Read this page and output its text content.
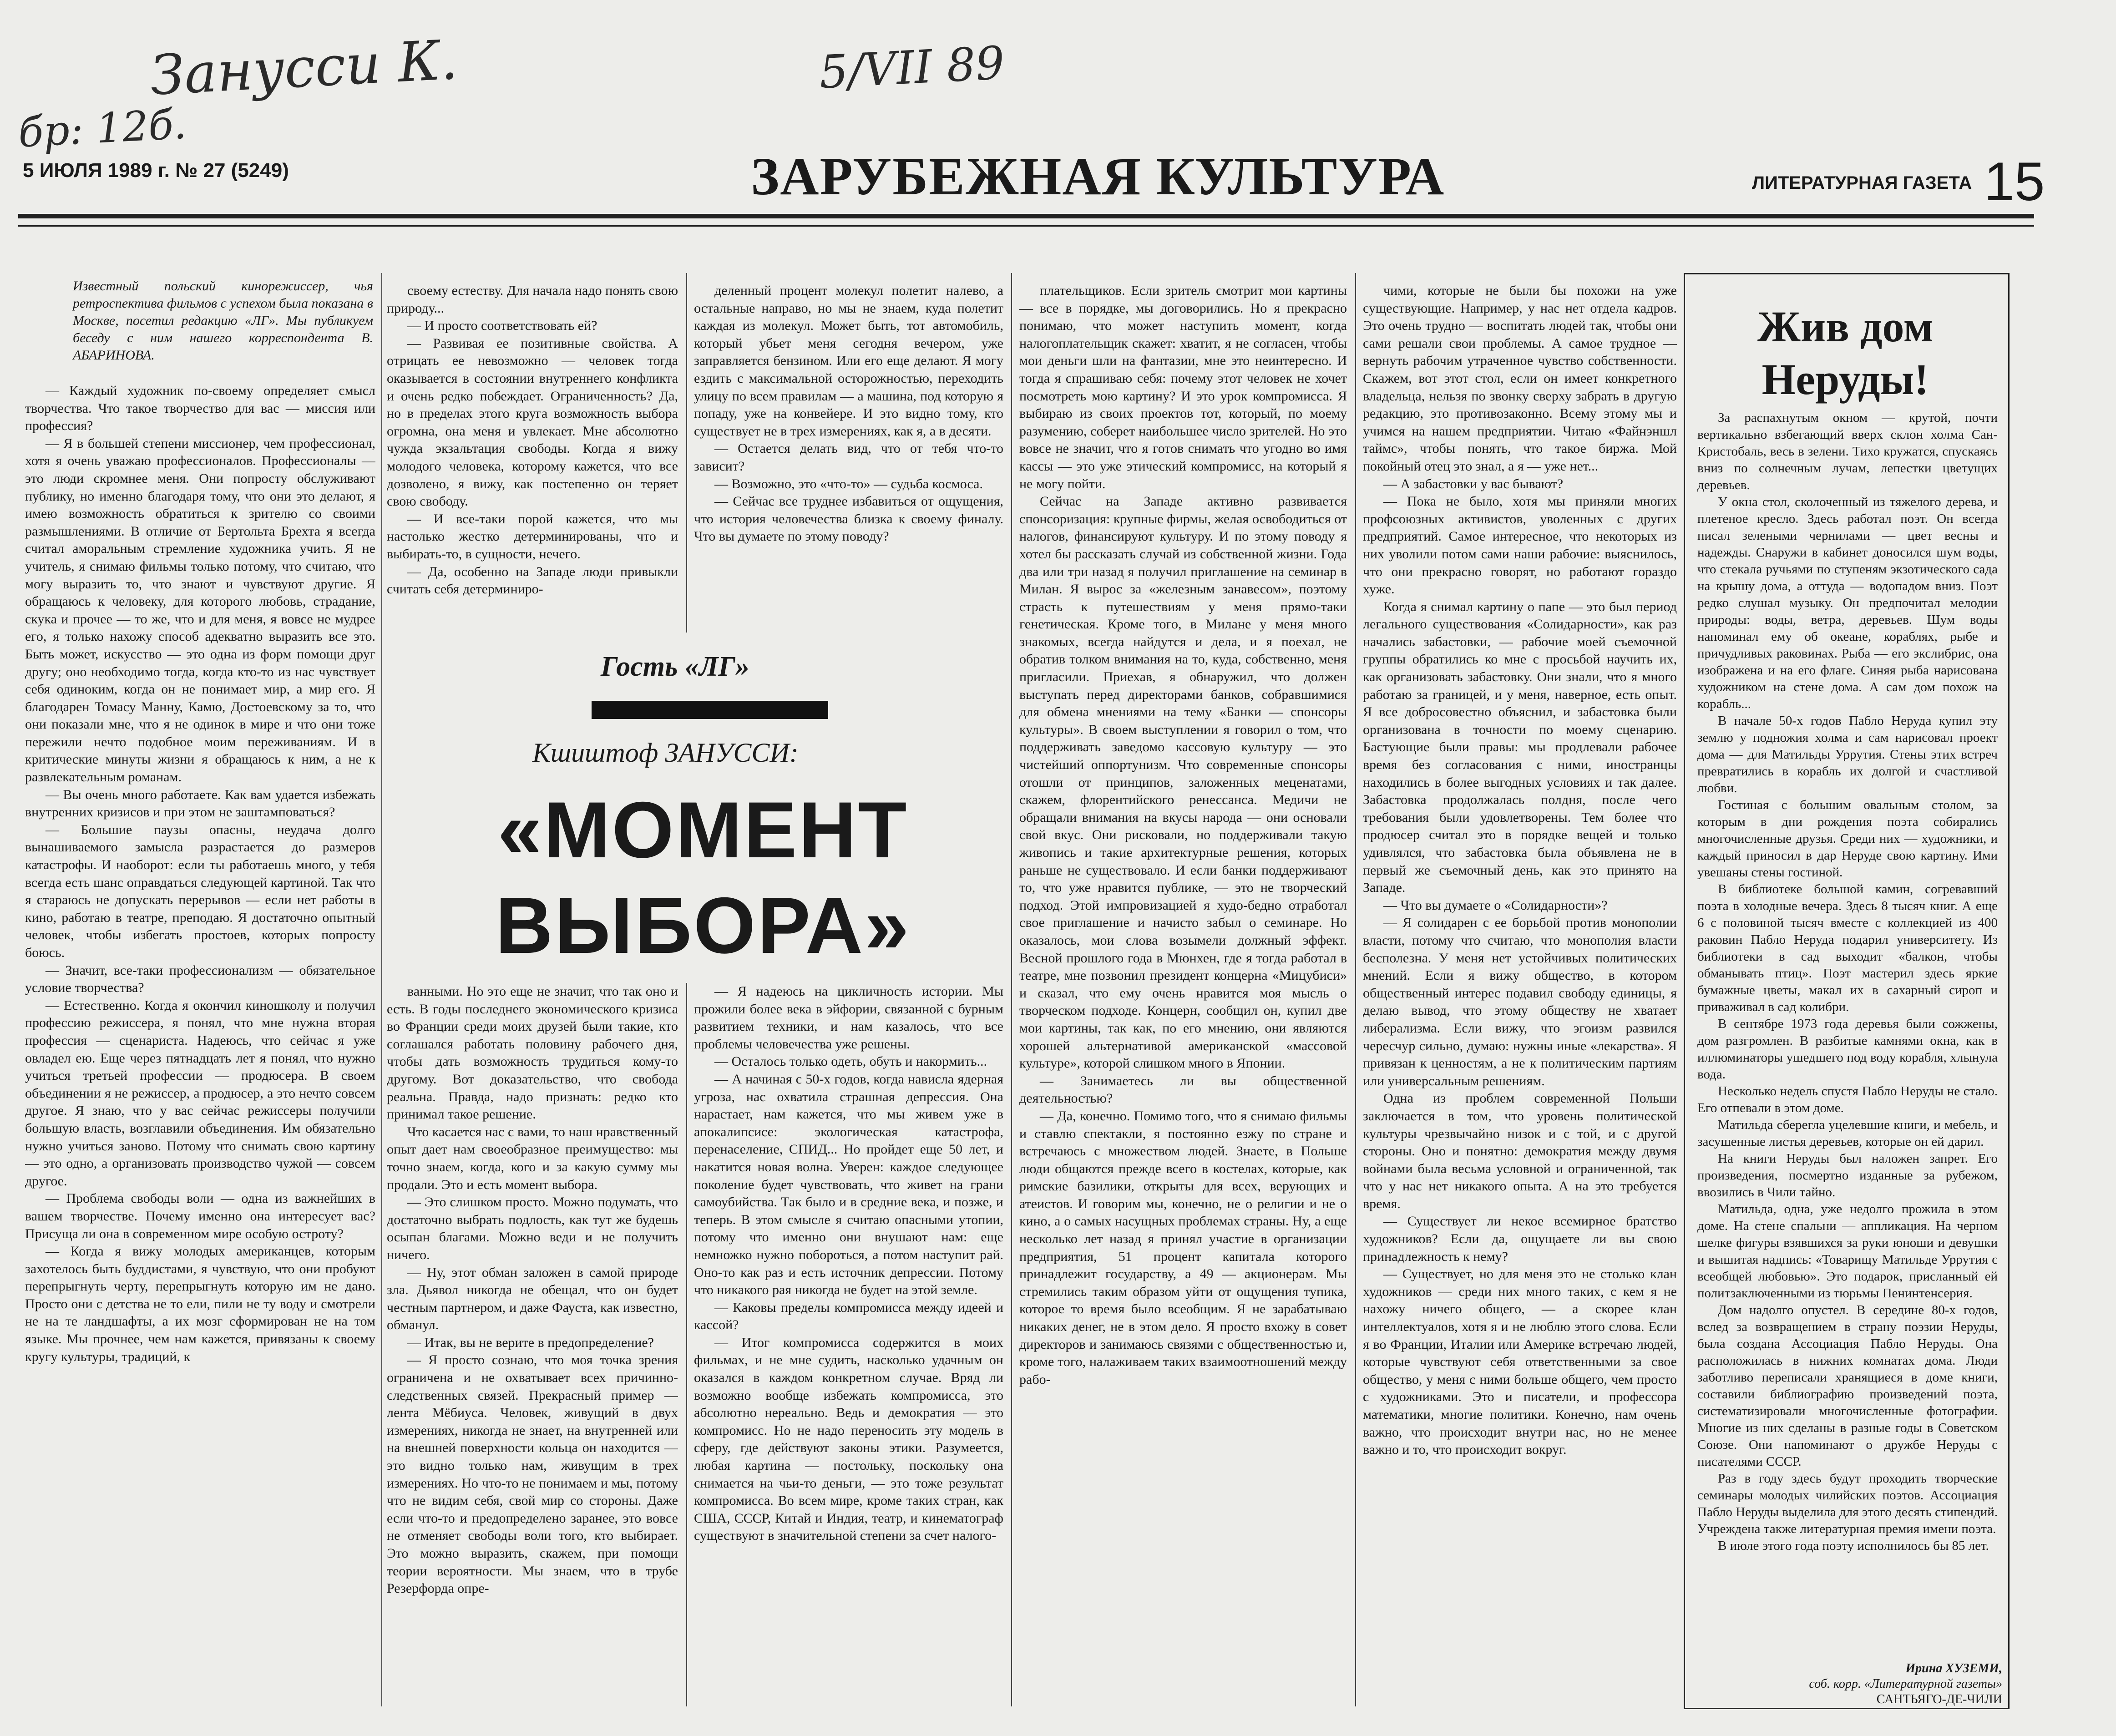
Занусси К.
бр: 12б.
5/VII 89
5 ИЮЛЯ 1989 г. № 27 (5249)	ЗАРУБЕЖНАЯ КУЛЬТУРА	ЛИТЕРАТУРНАЯ ГАЗЕТА 15
Известный польский кинорежиссер, чья ретроспектива фильмов с успехом была показана в Москве, посетил редакцию «ЛГ». Мы публикуем беседу с ним нашего корреспондента В. АБАРИНОВА.

— Каждый художник по-своему определяет смысл творчества. Что такое творчество для вас — миссия или профессия?

— Я в большей степени миссионер, чем профессионал, хотя я очень уважаю профессионалов. Профессионалы — это люди скромнее меня. Они попросту обслуживают публику, но именно благодаря тому, что они это делают, я имею возможность обратиться к зрителю со своими размышлениями. В отличие от Бертольта Брехта я всегда считал аморальным стремление художника учить. Я не учитель, я снимаю фильмы только потому, что считаю, что могу выразить то, что знают и чувствуют другие. Я обращаюсь к человеку, для которого любовь, страдание, скука и прочее — то же, что и для меня, я вовсе не мудрее его, я только нахожу способ адекватно выразить все это. Быть может, искусство — это одна из форм помощи друг другу; оно необходимо тогда, когда кто-то из нас чувствует себя одиноким, когда он не понимает мир, а мир его. Я благодарен Томасу Манну, Камю, Достоевскому за то, что они показали мне, что я не одинок в мире и что они тоже пережили нечто подобное моим переживаниям. И в критические минуты жизни я обращаюсь к ним, а не к развлекательным романам.

— Вы очень много работаете. Как вам удается избежать внутренних кризисов и при этом не заштамповаться?

— Большие паузы опасны, неудача долго вынашиваемого замысла разрастается до размеров катастрофы. И наоборот: если ты работаешь много, у тебя всегда есть шанс оправдаться следующей картиной. Так что я стараюсь не допускать перерывов — если нет работы в кино, работаю в театре, преподаю. Я достаточно опытный человек, чтобы избегать простоев, которых попросту боюсь.

— Значит, все-таки профессионализм — обязательное условие творчества?

— Естественно. Когда я окончил киношколу и получил профессию режиссера, я понял, что мне нужна вторая профессия — сценариста. Надеюсь, что сейчас я уже овладел ею. Еще через пятнадцать лет я понял, что нужно учиться третьей профессии — продюсера. В своем объединении я не режиссер, а продюсер, а это нечто совсем другое. Я знаю, что у вас сейчас режиссеры получили большую власть, возглавили объединения. Им обязательно нужно учиться заново. Потому что снимать свою картину — это одно, а организовать производство чужой — совсем другое.

— Проблема свободы воли — одна из важнейших в вашем творчестве. Почему именно она интересует вас? Присуща ли она в современном мире особую остроту?

— Когда я вижу молодых американцев, которым захотелось быть буддистами, я чувствую, что они пробуют перепрыгнуть черту, перепрыгнуть которую им не дано. Просто они с детства не то ели, пили не ту воду и смотрели не на те ландшафты, а их мозг сформирован не на том языке. Мы прочнее, чем нам кажется, привязаны к своему кругу культуры, традиций, к

своему естеству. Для начала надо понять свою природу...

— И просто соответствовать ей?

— Развивая ее позитивные свойства. А отрицать ее невозможно — человек тогда оказывается в состоянии внутреннего конфликта и очень редко побеждает. Ограниченность? Да, но в пределах этого круга возможность выбора огромна, она меня и увлекает. Мне абсолютно чужда экзальтация свободы. Когда я вижу молодого человека, которому кажется, что все дозволено, я вижу, как постепенно он теряет свою свободу.

— И все-таки порой кажется, что мы настолько жестко детерминированы, что и выбирать-то, в сущности, нечего.

— Да, особенно на Западе люди привыкли считать себя детерминиро-

деленный процент молекул полетит налево, а остальные направо, но мы не знаем, куда полетит каждая из молекул. Может быть, тот автомобиль, который убьет меня сегодня вечером, уже заправляется бензином. Или его еще делают. Я могу ездить с максимальной осторожностью, переходить улицу по всем правилам — а машина, под которую я попаду, уже на конвейере. И это видно тому, кто существует не в трех измерениях, как я, а в десяти.

— Остается делать вид, что от тебя что-то зависит?

— Возможно, это «что-то» — судьба космоса.

— Сейчас все труднее избавиться от ощущения, что история человечества близка к своему финалу. Что вы думаете по этому поводу?

Гость «ЛГ»
Кшиштоф ЗАНУССИ:
«МОМЕНТ ВЫБОРА»

ванными. Но это еще не значит, что так оно и есть. В годы последнего экономического кризиса во Франции среди моих друзей были такие, кто соглашался работать половину рабочего дня, чтобы дать возможность трудиться кому-то другому. Вот доказательство, что свобода реальна. Правда, надо признать: редко кто принимал такое решение.

Что касается нас с вами, то наш нравственный опыт дает нам своеобразное преимущество: мы точно знаем, когда, кого и за какую сумму мы продали. Это и есть момент выбора.

— Это слишком просто. Можно подумать, что достаточно выбрать подлость, как тут же будешь осыпан благами. Можно веди и не получить ничего.

— Ну, этот обман заложен в самой природе зла. Дьявол никогда не обещал, что он будет честным партнером, и даже Фауста, как известно, обманул.

— Итак, вы не верите в предопределение?

— Я просто сознаю, что моя точка зрения ограничена и не охватывает всех причинно-следственных связей. Прекрасный пример — лента Мёбиуса. Человек, живущий в двух измерениях, никогда не знает, на внутренней или на внешней поверхности кольца он находится — это видно только нам, живущим в трех измерениях. Но что-то не понимаем и мы, потому что не видим себя, свой мир со стороны. Даже если что-то и предопределено заранее, это вовсе не отменяет свободы воли того, кто выбирает. Это можно выразить, скажем, при помощи теории вероятности. Мы знаем, что в трубе Резерфорда опре-

— Я надеюсь на цикличность истории. Мы прожили более века в эйфории, связанной с бурным развитием техники, и нам казалось, что все проблемы человечества уже решены.

— Осталось только одеть, обуть и накормить...

— А начиная с 50-х годов, когда нависла ядерная угроза, нас охватила страшная депрессия. Она нарастает, нам кажется, что мы живем уже в апокалипсисе: экологическая катастрофа, перенаселение, СПИД... Но пройдет еще 50 лет, и накатится новая волна. Уверен: каждое следующее поколение будет чувствовать, что живет на грани самоубийства. Так было и в средние века, и позже, и теперь. В этом смысле я считаю опасными утопии, потому что именно они внушают нам: еще немножко нужно побороться, а потом наступит рай. Оно-то как раз и есть источник депрессии. Потому что никакого рая никогда не будет на этой земле.

— Каковы пределы компромисса между идеей и кассой?

— Итог компромисса содержится в моих фильмах, и не мне судить, насколько удачным он оказался в каждом конкретном случае. Вряд ли возможно вообще избежать компромисса, это абсолютно нереально. Ведь и демократия — это компромисс. Но не надо переносить эту модель в сферу, где действуют законы этики. Разумеется, любая картина — постольку, поскольку она снимается на чьи-то деньги, — это тоже результат компромисса. Во всем мире, кроме таких стран, как США, СССР, Китай и Индия, театр, и кинематограф существуют в значительной степени за счет налого-

плательщиков. Если зритель смотрит мои картины — все в порядке, мы договорились. Но я прекрасно понимаю, что может наступить момент, когда налогоплательщик скажет: хватит, я не согласен, чтобы мои деньги шли на фантазии, мне это неинтересно. И тогда я спрашиваю себя: почему этот человек не хочет посмотреть мою картину? И это урок компромисса. Я выбираю из своих проектов тот, который, по моему разумению, соберет наибольшее число зрителей. Но это вовсе не значит, что я готов снимать что угодно во имя кассы — это уже этический компромисс, на который я не могу пойти.

Сейчас на Западе активно развивается спонсоризация: крупные фирмы, желая освободиться от налогов, финансируют культуру. И по этому поводу я хотел бы рассказать случай из собственной жизни. Года два или три назад я получил приглашение на семинар в Милан. Я вырос за «железным занавесом», поэтому страсть к путешествиям у меня прямо-таки генетическая. Кроме того, в Милане у меня много знакомых, всегда найдутся и дела, и я поехал, не обратив толком внимания на то, куда, собственно, меня пригласили. Приехав, я обнаружил, что должен выступать перед директорами банков, собравшимися для обмена мнениями на тему «Банки — спонсоры культуры». В своем выступлении я говорил о том, что поддерживать заведомо кассовую культуру — это чистейший оппортунизм. Что современные спонсоры отошли от принципов, заложенных меценатами, скажем, флорентийского ренессанса. Медичи не обращали внимания на вкусы народа — они основали свой вкус. Они рисковали, но поддерживали такую живопись и такие архитектурные решения, которых раньше не существовало. И если банки поддерживают то, что уже нравится публике, — это не творческий подход. Этой импровизацией я худо-бедно отработал свое приглашение и начисто забыл о семинаре. Но оказалось, мои слова возымели должный эффект. Весной прошлого года в Мюнхен, где я тогда работал в театре, мне позвонил президент концерна «Мицубиси» и сказал, что ему очень нравится моя мысль о творческом подходе. Концерн, сообщил он, купил две мои картины, так как, по его мнению, они являются хорошей альтернативой американской «массовой культуре», которой слишком много в Японии.

— Занимаетесь ли вы общественной деятельностью?

— Да, конечно. Помимо того, что я снимаю фильмы и ставлю спектакли, я постоянно езжу по стране и встречаюсь с множеством людей. Знаете, в Польше люди общаются прежде всего в костелах, которые, как римские базилики, открыты для всех, верующих и атеистов. И говорим мы, конечно, не о религии и не о кино, а о самых насущных проблемах страны. Ну, а еще несколько лет назад я принял участие в организации предприятия, 51 процент капитала которого принадлежит государству, а 49 — акционерам. Мы стремились таким образом уйти от ощущения тупика, которое то время было всеобщим. Я не зарабатываю никаких денег, не в этом дело. Я просто вхожу в совет директоров и занимаюсь связями с общественностью и, кроме того, налаживаем таких взаимоотношений между рабо-

чими, которые не были бы похожи на уже существующие. Например, у нас нет отдела кадров. Это очень трудно — воспитать людей так, чтобы они сами решали свои проблемы. А самое трудное — вернуть рабочим утраченное чувство собственности. Скажем, вот этот стол, если он имеет конкретного владельца, нельзя по звонку сверху забрать в другую редакцию, это противозаконно. Всему этому мы и учимся на нашем предприятии. Читаю «Файнэншл таймс», чтобы понять, что такое биржа. Мой покойный отец это знал, а я — уже нет...

— А забастовки у вас бывают?

— Пока не было, хотя мы приняли многих профсоюзных активистов, уволенных с других предприятий. Самое интересное, что некоторых из них уволили потом сами наши рабочие: выяснилось, что они прекрасно говорят, но работают гораздо хуже.

Когда я снимал картину о папе — это был период легального существования «Солидарности», как раз начались забастовки, — рабочие моей съемочной группы обратились ко мне с просьбой научить их, как организовать забастовку. Они знали, что я много работаю за границей, и у меня, наверное, есть опыт. Я все добросовестно объяснил, и забастовка были организована в точности по моему сценарию. Бастующие были правы: мы продлевали рабочее время без согласования с ними, иностранцы находились в более выгодных условиях и так далее. Забастовка продолжалась полдня, после чего требования были удовлетворены. Тем более что продюсер считал это в порядке вещей и только удивлялся, что забастовка была объявлена не в первый же съемочный день, как это принято на Западе.

— Что вы думаете о «Солидарности»?

— Я солидарен с ее борьбой против монополии власти, потому что считаю, что монополия власти бесполезна. У меня нет устойчивых политических мнений. Если я вижу общество, в котором общественный интерес подавил свободу единицы, я делаю вывод, что этому обществу не хватает либерализма. Если вижу, что эгоизм развился чересчур сильно, думаю: нужны иные «лекарства». Я привязан к ценностям, а не к политическим партиям или универсальным решениям.

Одна из проблем современной Польши заключается в том, что уровень политической культуры чрезвычайно низок и с той, и с другой стороны. Оно и понятно: демократия между двумя войнами была весьма условной и ограниченной, так что у нас нет никакого опыта. А на это требуется время.

— Существует ли некое всемирное братство художников? Если да, ощущаете ли вы свою принадлежность к нему?

— Существует, но для меня это не столько клан художников — среди них много таких, с кем я не нахожу ничего общего, — а скорее клан интеллектуалов, хотя я и не люблю этого слова. Если я во Франции, Италии или Америке встречаю людей, которые чувствуют себя ответственными за свое общество, у меня с ними больше общего, чем просто с художниками. Это и писатели, и профессора математики, многие политики. Конечно, нам очень важно, что происходит внутри нас, но не менее важно и то, что происходит вокруг.

Жив дом Неруды!

За распахнутым окном — крутой, почти вертикально взбегающий вверх склон холма Сан-Кристобаль, весь в зелени. Тихо кружатся, спускаясь вниз по солнечным лучам, лепестки цветущих деревьев.

У окна стол, сколоченный из тяжелого дерева, и плетеное кресло. Здесь работал поэт. Он всегда писал зелеными чернилами — цвет весны и надежды. Снаружи в кабинет доносился шум воды, что стекала ручьями по ступеням экзотического сада на крышу дома, а оттуда — водопадом вниз. Поэт редко слушал музыку. Он предпочитал мелодии природы: воды, ветра, деревьев. Шум воды напоминал ему об океане, кораблях, рыбе и причудливых раковинах. Рыба — его экслибрис, она изображена и на его флаге. Синяя рыба нарисована художником на стене дома. А сам дом похож на корабль...

В начале 50-х годов Пабло Неруда купил эту землю у подножия холма и сам нарисовал проект дома — для Матильды Уррутия. Стены этих встреч превратились в корабль их долгой и счастливой любви.

Гостиная с большим овальным столом, за которым в дни рождения поэта собирались многочисленные друзья. Среди них — художники, и каждый приносил в дар Неруде свою картину. Ими увешаны стены гостиной.

В библиотеке большой камин, согревавший поэта в холодные вечера. Здесь 8 тысяч книг. А еще 6 с половиной тысяч вместе с коллекцией из 400 раковин Пабло Неруда подарил университету. Из библиотеки в сад выходит «балкон, чтобы обманывать птиц». Поэт мастерил здесь яркие бумажные цветы, макал их в сахарный сироп и приваживал в сад колибри.

В сентябре 1973 года деревья были сожжены, дом разгромлен. В разбитые камнями окна, как в иллюминаторы ушедшего под воду корабля, хлынула вода.

Несколько недель спустя Пабло Неруды не стало. Его отпевали в этом доме.

Матильда сберегла уцелевшие книги, и мебель, и засушенные листья деревьев, которые он ей дарил.

На книги Неруды был наложен запрет. Его произведения, посмертно изданные за рубежом, ввозились в Чили тайно.

Матильда, одна, уже недолго прожила в этом доме. На стене спальни — аппликация. На черном шелке фигуры взявшихся за руки юноши и девушки и вышитая надпись: «Товарищу Матильде Уррутия с всеобщей любовью». Это подарок, присланный ей политзаключенными из тюрьмы Пенинтенсерия.

Дом надолго опустел. В середине 80-х годов, вслед за возвращением в страну поэзии Неруды, была создана Ассоциация Пабло Неруды. Она расположилась в нижних комнатах дома. Люди заботливо переписали хранящиеся в доме книги, составили библиографию произведений поэта, систематизировали многочисленные фотографии. Многие из них сделаны в разные годы в Советском Союзе. Они напоминают о дружбе Неруды с писателями СССР.

Раз в году здесь будут проходить творческие семинары молодых чилийских поэтов. Ассоциация Пабло Неруды выделила для этого десять стипендий. Учреждена также литературная премия имени поэта.

В июле этого года поэту исполнилось бы 85 лет.

Ирина ХУЗЕМИ,
соб. корр. «Литературной газеты»
САНТЬЯГО-ДЕ-ЧИЛИ
